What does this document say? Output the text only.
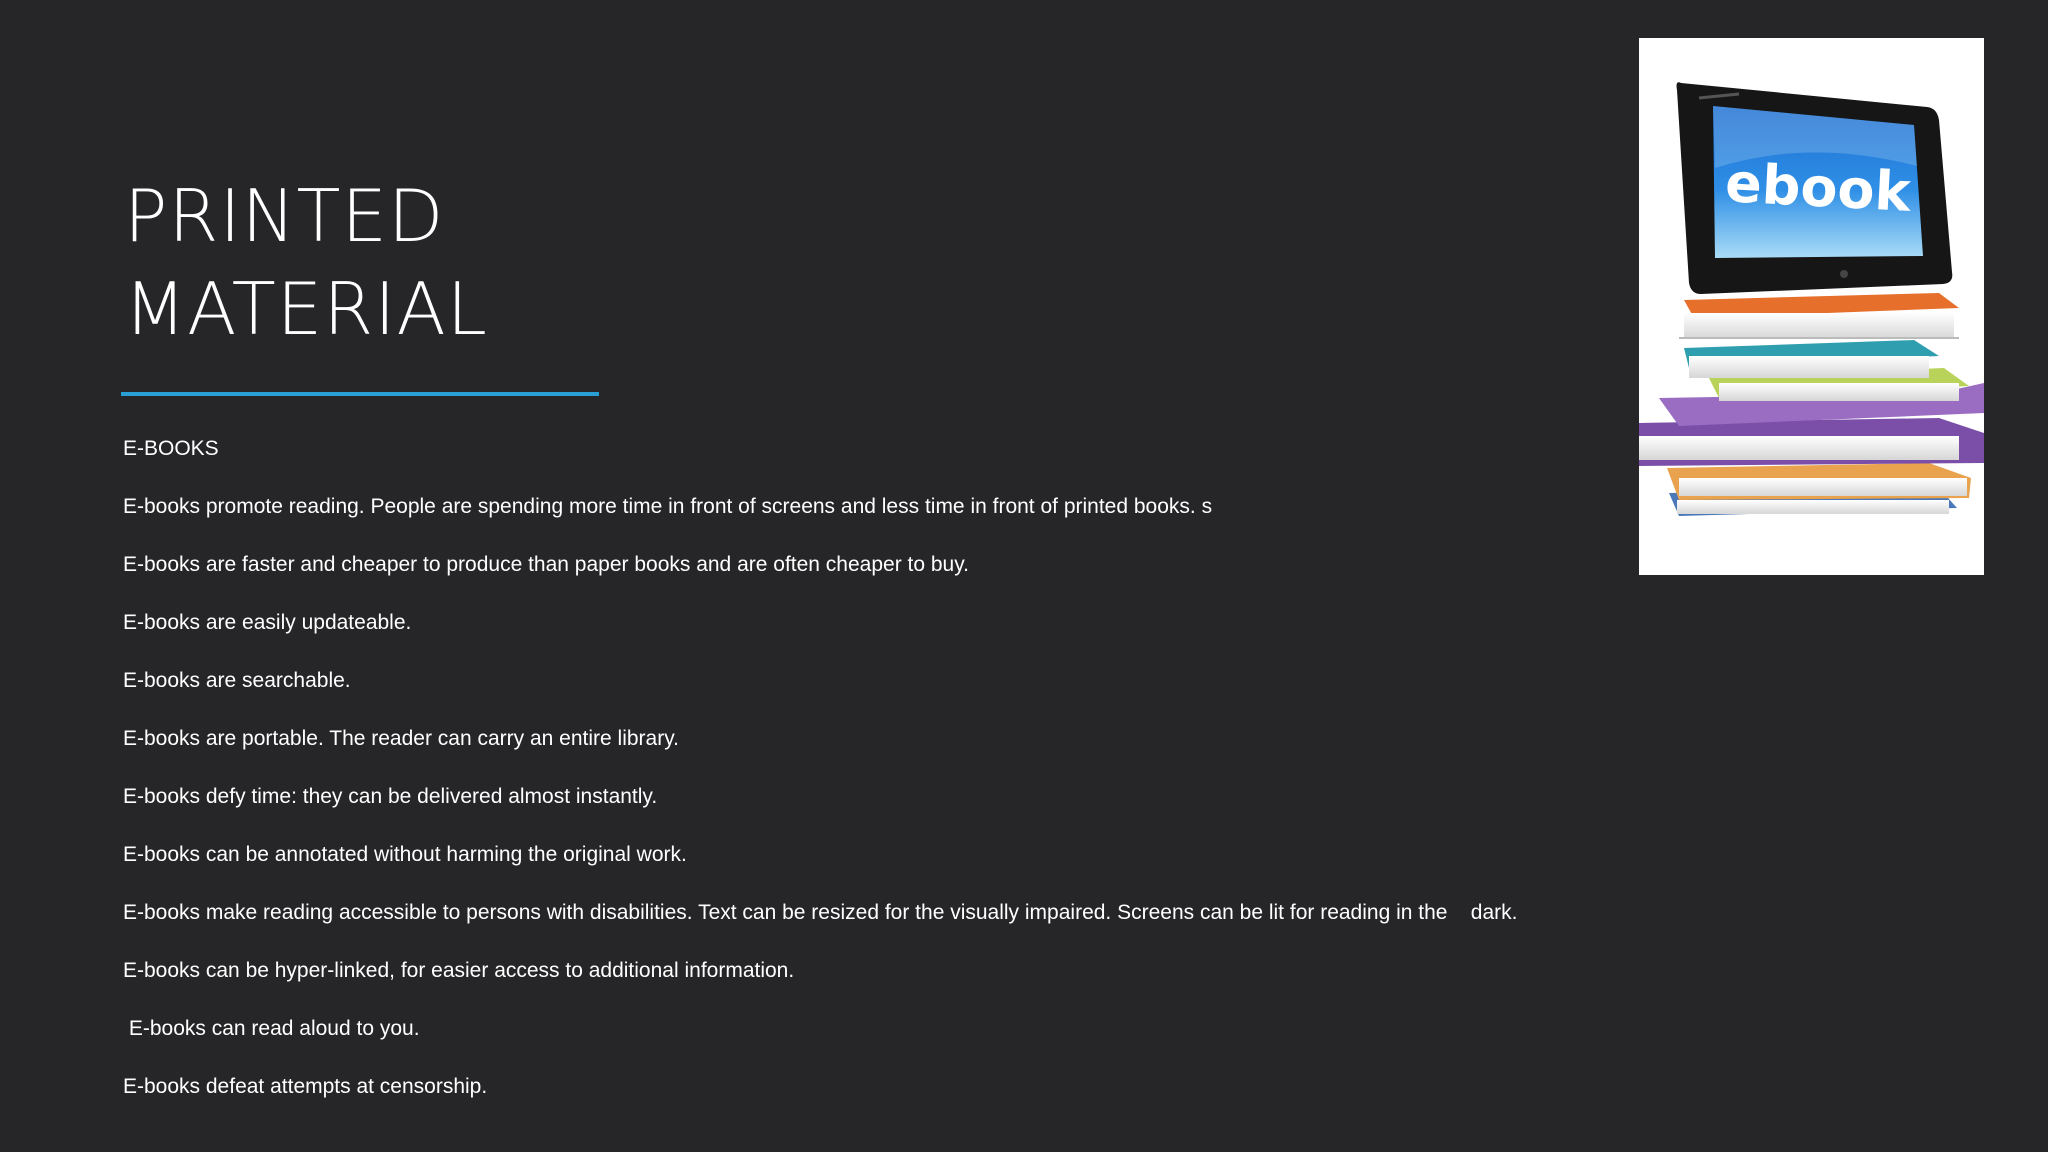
PRINTED
MATERIAL
E-BOOKS
E-books promote reading. People are spending more time in front of screens and less time in front of printed books. s
E-books are faster and cheaper to produce than paper books and are often cheaper to buy.
E-books are easily updateable.
E-books are searchable.
E-books are portable. The reader can carry an entire library.
E-books defy time: they can be delivered almost instantly.
E-books can be annotated without harming the original work.
E-books make reading accessible to persons with disabilities. Text can be resized for the visually impaired. Screens can be lit for reading in the    dark.
E-books can be hyper-linked, for easier access to additional information.
E-books can read aloud to you.
E-books defeat attempts at censorship.
ebook
